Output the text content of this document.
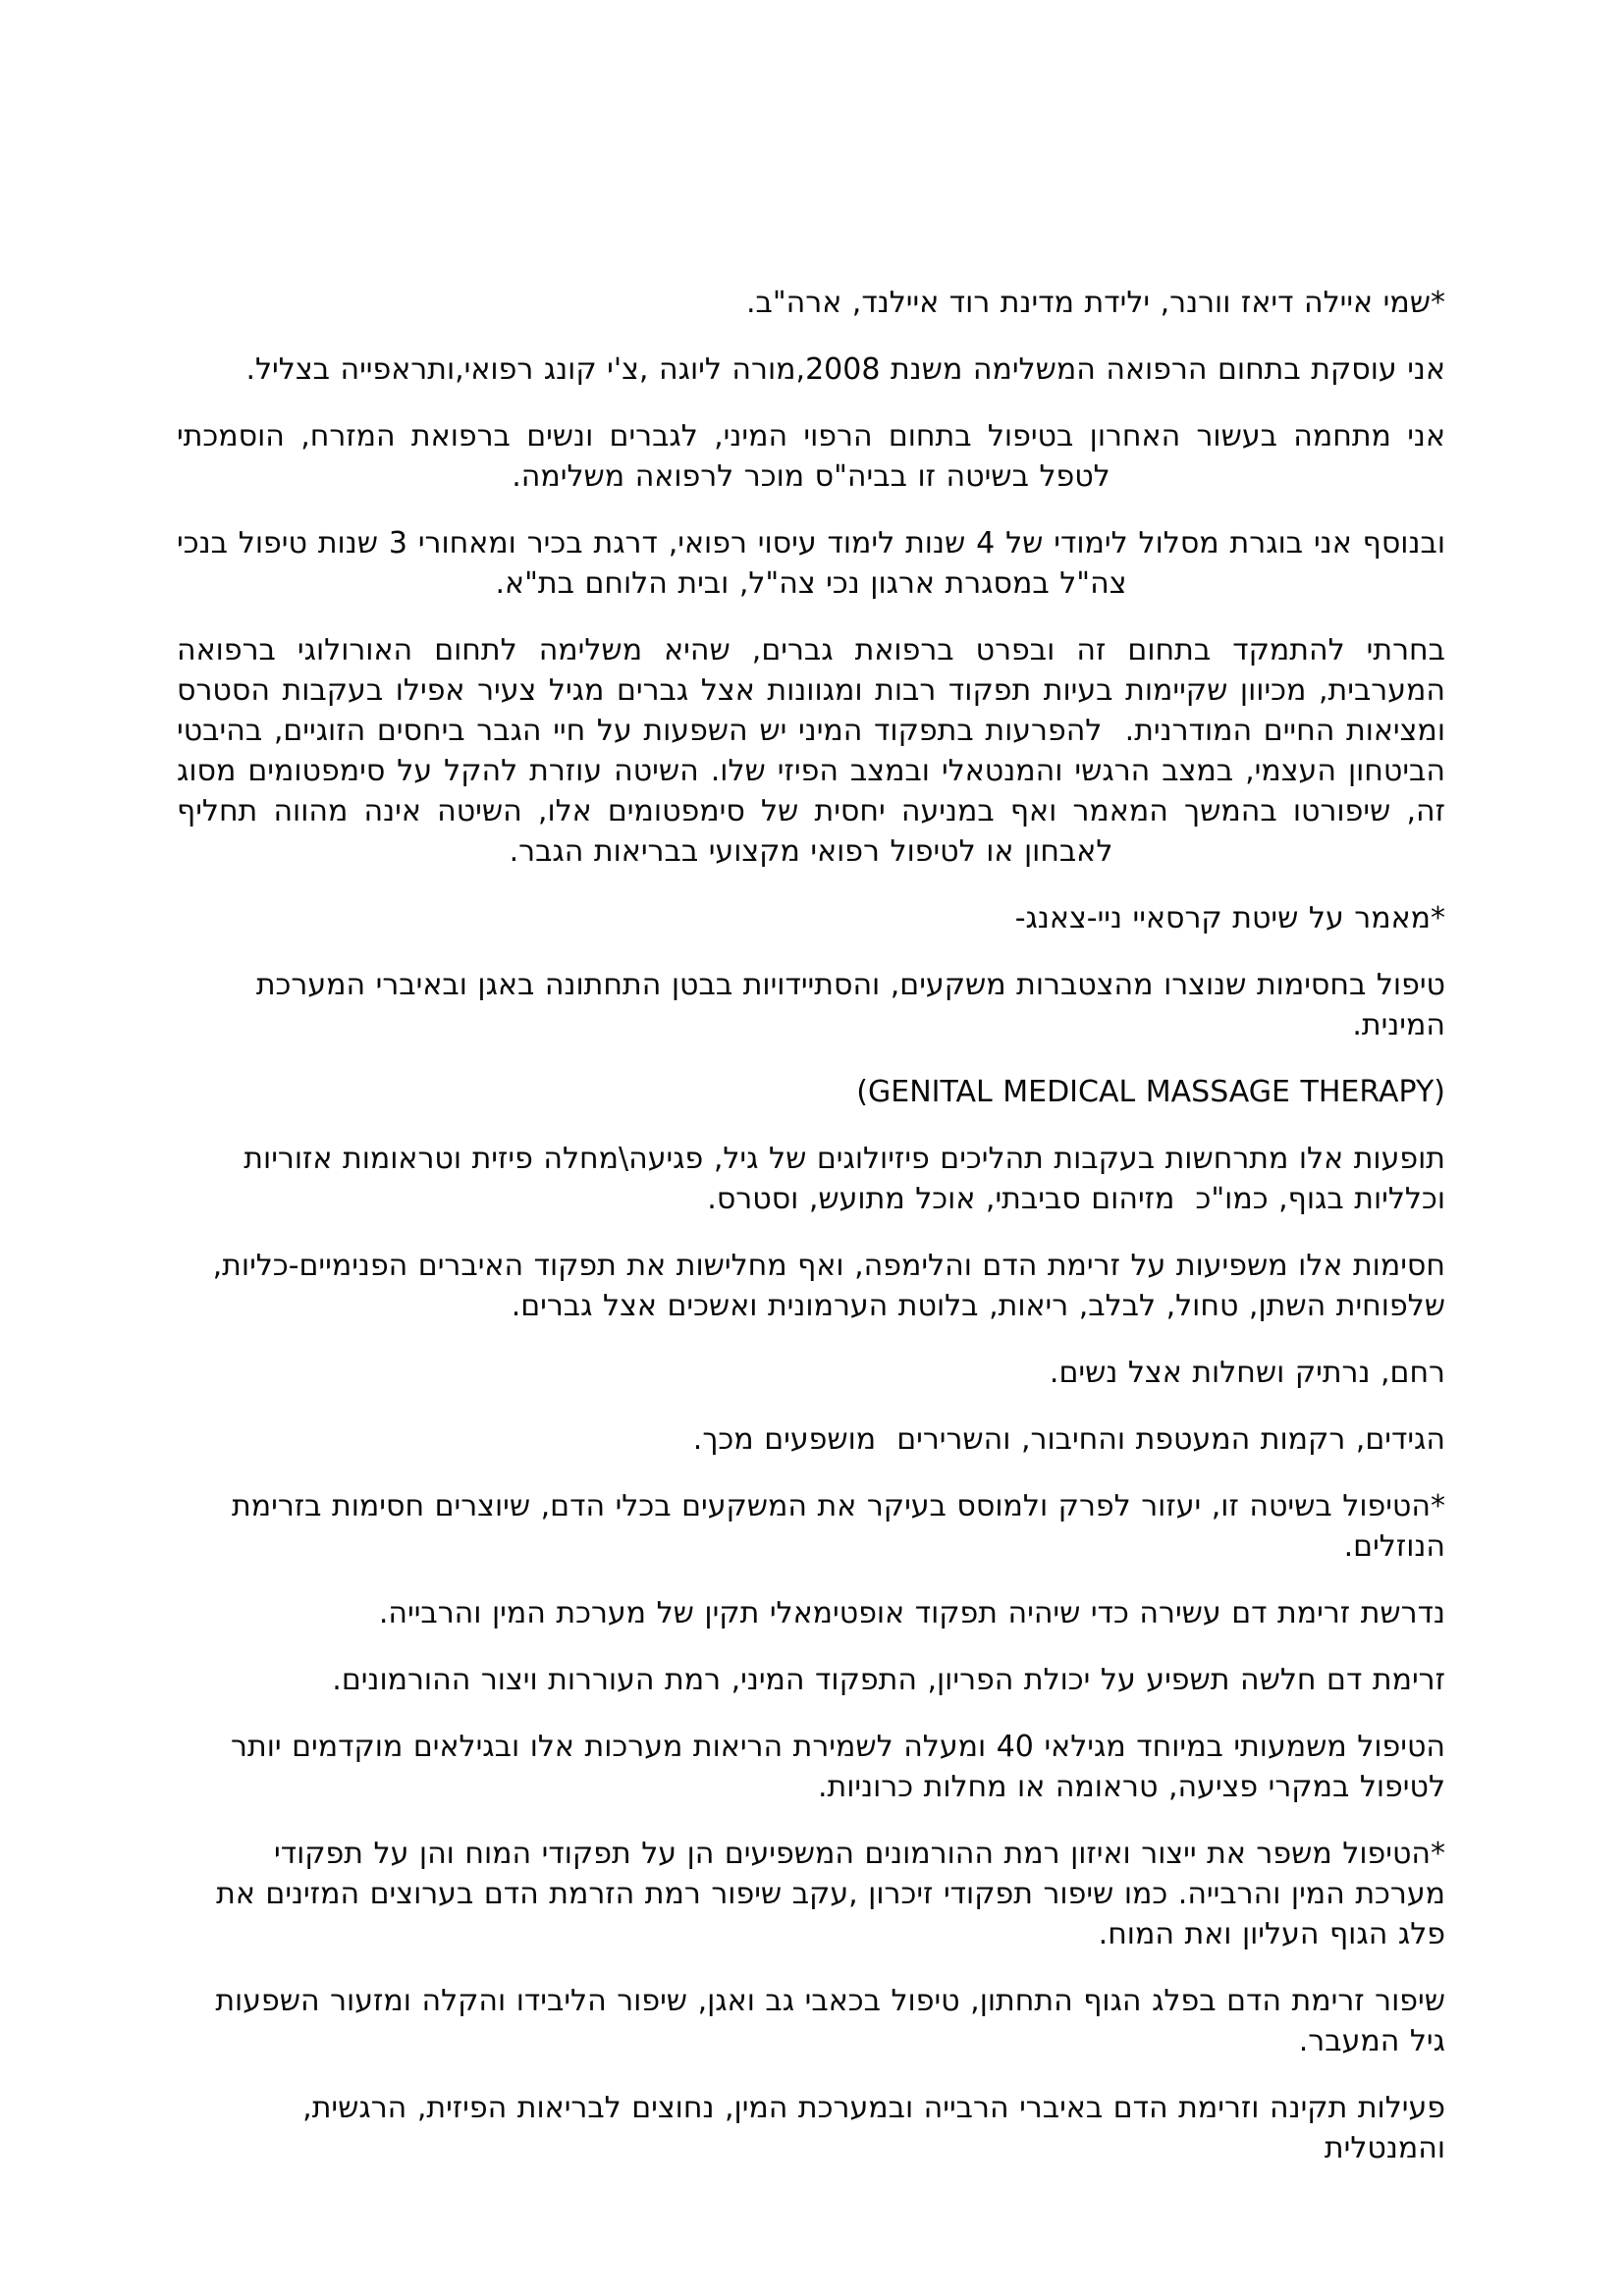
*שמי איילה דיאז וורנר, ילידת מדינת רוד איילנד, ארה"ב.

אני עוסקת בתחום הרפואה המשלימה משנת 2008,מורה ליוגה ,צ'י קונג רפואי,ותראפייה בצליל.

אני מתחמה בעשור האחרון בטיפול בתחום הרפוי המיני, לגברים ונשים ברפואת המזרח, הוסמכתי לטפל בשיטה זו בביה"ס מוכר לרפואה משלימה.

ובנוסף אני בוגרת מסלול לימודי של 4 שנות לימוד עיסוי רפואי, דרגת בכיר ומאחורי 3 שנות טיפול בנכי צה"ל במסגרת ארגון נכי צה"ל, ובית הלוחם בת"א.

בחרתי להתמקד בתחום זה ובפרט ברפואת גברים, שהיא משלימה לתחום האורולוגי ברפואה המערבית, מכיוון שקיימות בעיות תפקוד רבות ומגוונות אצל גברים מגיל צעיר אפילו בעקבות הסטרס ומציאות החיים המודרנית.  להפרעות בתפקוד המיני יש השפעות על חיי הגבר ביחסים הזוגיים, בהיבטי הביטחון העצמי, במצב הרגשי והמנטאלי ובמצב הפיזי שלו. השיטה עוזרת להקל על סימפטומים מסוג זה, שיפורטו בהמשך המאמר ואף במניעה יחסית של סימפטומים אלו, השיטה אינה מהווה תחליף לאבחון או לטיפול רפואי מקצועי בבריאות הגבר.

*מאמר על שיטת קרסאיי ניי-צאנג-

טיפול בחסימות שנוצרו מהצטברות משקעים, והסתיידויות בבטן התחתונה באגן ובאיברי המערכת המינית.

(GENITAL MEDICAL MASSAGE THERAPY)

תופעות אלו מתרחשות בעקבות תהליכים פיזיולוגים של גיל, פגיעה\מחלה פיזית וטראומות אזוריות וכלליות בגוף, כמו"כ  מזיהום סביבתי, אוכל מתועש, וסטרס.

חסימות אלו משפיעות על זרימת הדם והלימפה, ואף מחלישות את תפקוד האיברים הפנימיים-כליות, שלפוחית השתן, טחול, לבלב, ריאות, בלוטת הערמונית ואשכים אצל גברים.

רחם, נרתיק ושחלות אצל נשים.

הגידים, רקמות המעטפת והחיבור, והשרירים  מושפעים מכך.

*הטיפול בשיטה זו, יעזור לפרק ולמוסס בעיקר את המשקעים בכלי הדם, שיוצרים חסימות בזרימת הנוזלים.

נדרשת זרימת דם עשירה כדי שיהיה תפקוד אופטימאלי תקין של מערכת המין והרבייה.

זרימת דם חלשה תשפיע על יכולת הפריון, התפקוד המיני, רמת העוררות ויצור ההורמונים.

הטיפול משמעותי במיוחד מגילאי 40 ומעלה לשמירת הריאות מערכות אלו ובגילאים מוקדמים יותר לטיפול במקרי פציעה, טראומה או מחלות כרוניות.

*הטיפול משפר את ייצור ואיזון רמת ההורמונים המשפיעים הן על תפקודי המוח והן על תפקודי מערכת המין והרבייה. כמו שיפור תפקודי זיכרון ,עקב שיפור רמת הזרמת הדם בערוצים המזינים את פלג הגוף העליון ואת המוח.

שיפור זרימת הדם בפלג הגוף התחתון, טיפול בכאבי גב ואגן, שיפור הליבידו והקלה ומזעור השפעות גיל המעבר.

פעילות תקינה וזרימת הדם באיברי הרבייה ובמערכת המין, נחוצים לבריאות הפיזית, הרגשית, והמנטלית
